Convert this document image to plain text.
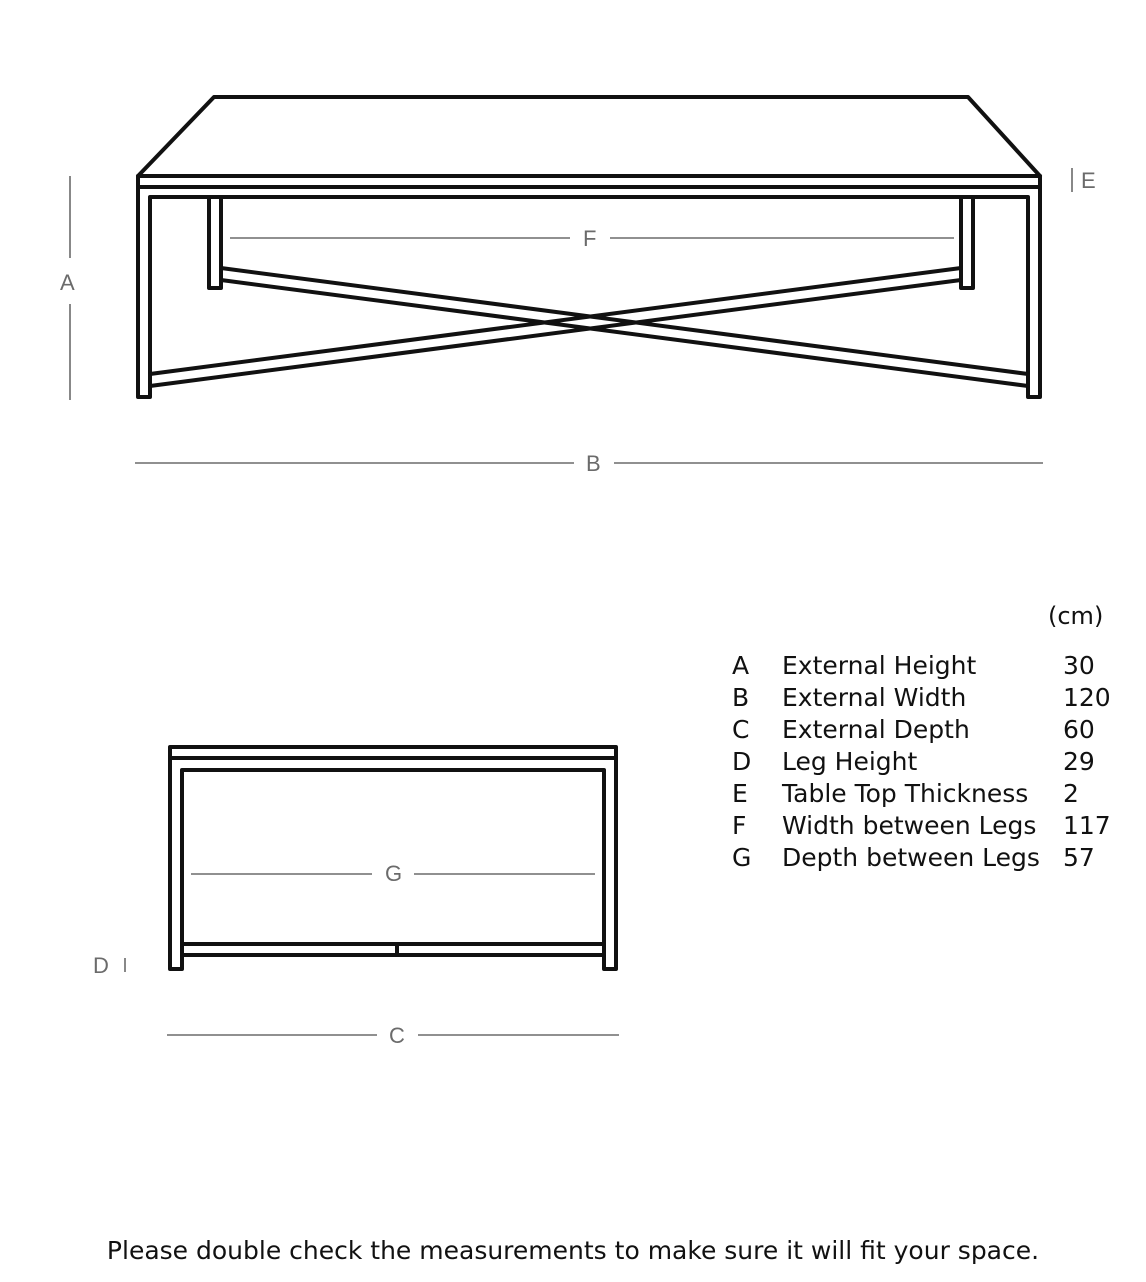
A
B
F
E
G
C
D
(cm)
A External Height	30
B External Width	120
C External Depth	60
D Leg Height	29
E Table Top Thickness 2
F Width between Legs 117
G Depth between Legs 57
Please double check the measurements to make sure it will fit your space.
